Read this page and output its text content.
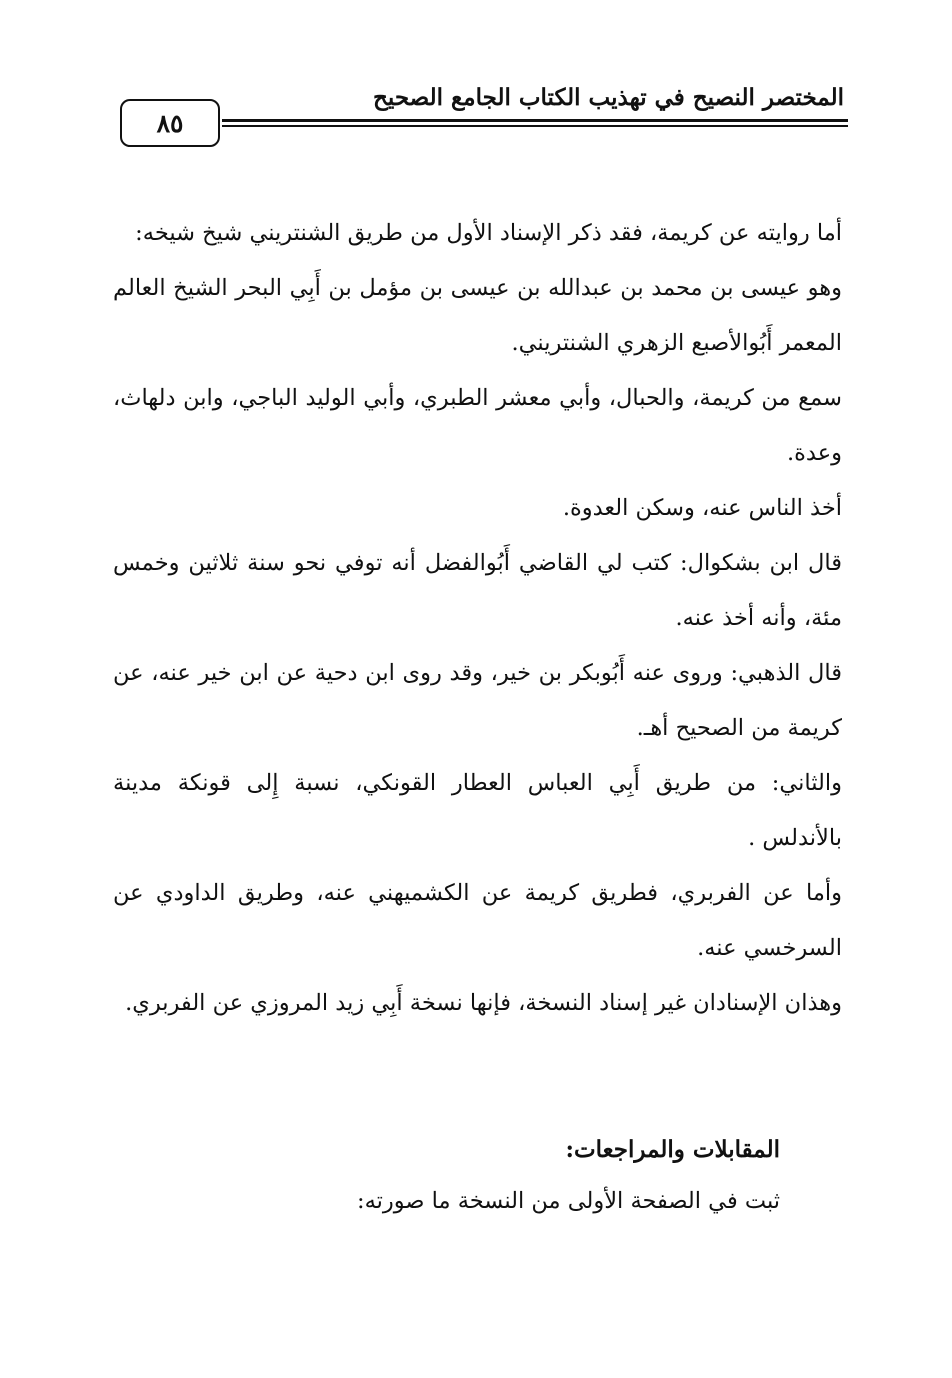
المختصر النصيح في تهذيب الكتاب الجامع الصحيح
٨٥

أما روايته عن كريمة، فقد ذكر الإسناد الأول من طريق الشنتريني شيخ شيخه:

وهو عيسى بن محمد بن عبدالله بن عيسى بن مؤمل بن أَبِي البحر الشيخ العالم المعمر أَبُوالأصبع الزهري الشنتريني.

سمع من كريمة، والحبال، وأبي معشر الطبري، وأبي الوليد الباجي، وابن دلهاث، وعدة.

أخذ الناس عنه، وسكن العدوة.

قال ابن بشكوال: كتب لي القاضي أَبُوالفضل أنه توفي نحو سنة ثلاثين وخمس مئة، وأنه أخذ عنه.

قال الذهبي: وروى عنه أَبُوبكر بن خير، وقد روى ابن دحية عن ابن خير عنه، عن كريمة من الصحيح أهـ.

والثاني: من طريق أَبِي العباس العطار القونكي، نسبة إِلى قونكة مدينة بالأندلس .

وأما عن الفربري، فطريق كريمة عن الكشميهني عنه، وطريق الداودي عن السرخسي عنه.

وهذان الإسنادان غير إسناد النسخة، فإنها نسخة أَبِي زيد المروزي عن الفربري.

المقابلات والمراجعات:
ثبت في الصفحة الأولى من النسخة ما صورته:
